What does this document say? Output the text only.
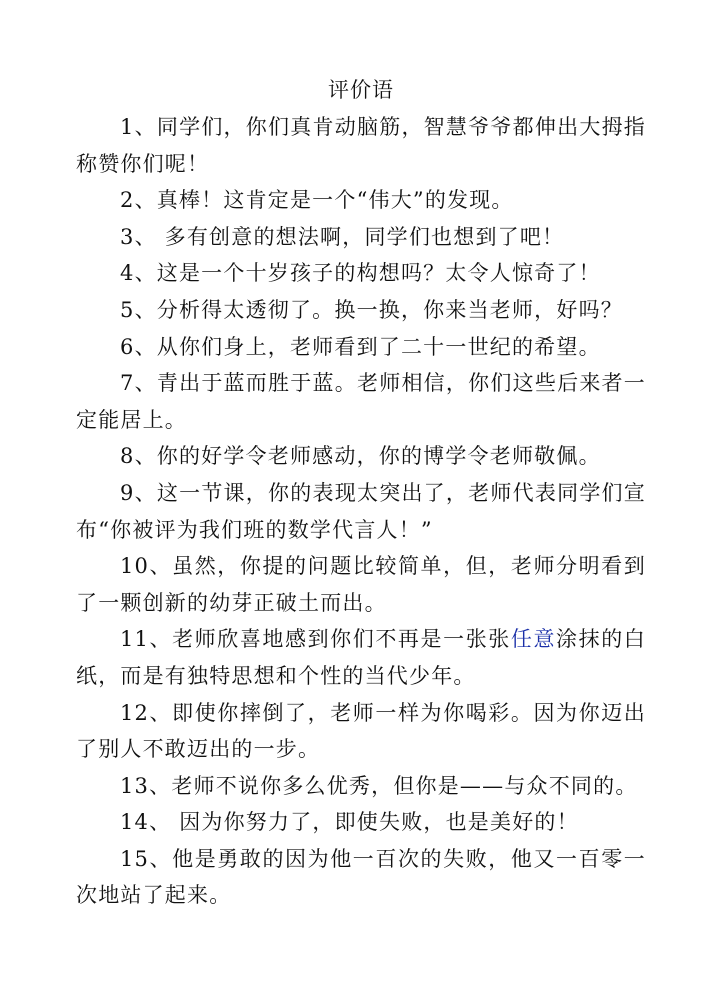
评价语

1、同学们，你们真肯动脑筋，智慧爷爷都伸出大拇指称赞你们呢！

2、真棒！这肯定是一个“伟大”的发现。

3、 多有创意的想法啊，同学们也想到了吧！

4、这是一个十岁孩子的构想吗？太令人惊奇了！

5、分析得太透彻了。换一换，你来当老师，好吗？

6、从你们身上，老师看到了二十一世纪的希望。

7、青出于蓝而胜于蓝。老师相信，你们这些后来者一定能居上。

8、你的好学令老师感动，你的博学令老师敬佩。

9、这一节课，你的表现太突出了，老师代表同学们宣布“你被评为我们班的数学代言人！”

10、虽然，你提的问题比较简单，但，老师分明看到了一颗创新的幼芽正破土而出。

11、老师欣喜地感到你们不再是一张张任意涂抹的白纸，而是有独特思想和个性的当代少年。

12、即使你摔倒了，老师一样为你喝彩。因为你迈出了别人不敢迈出的一步。

13、老师不说你多么优秀，但你是——与众不同的。

14、 因为你努力了，即使失败，也是美好的！

15、他是勇敢的因为他一百次的失败，他又一百零一次地站了起来。
